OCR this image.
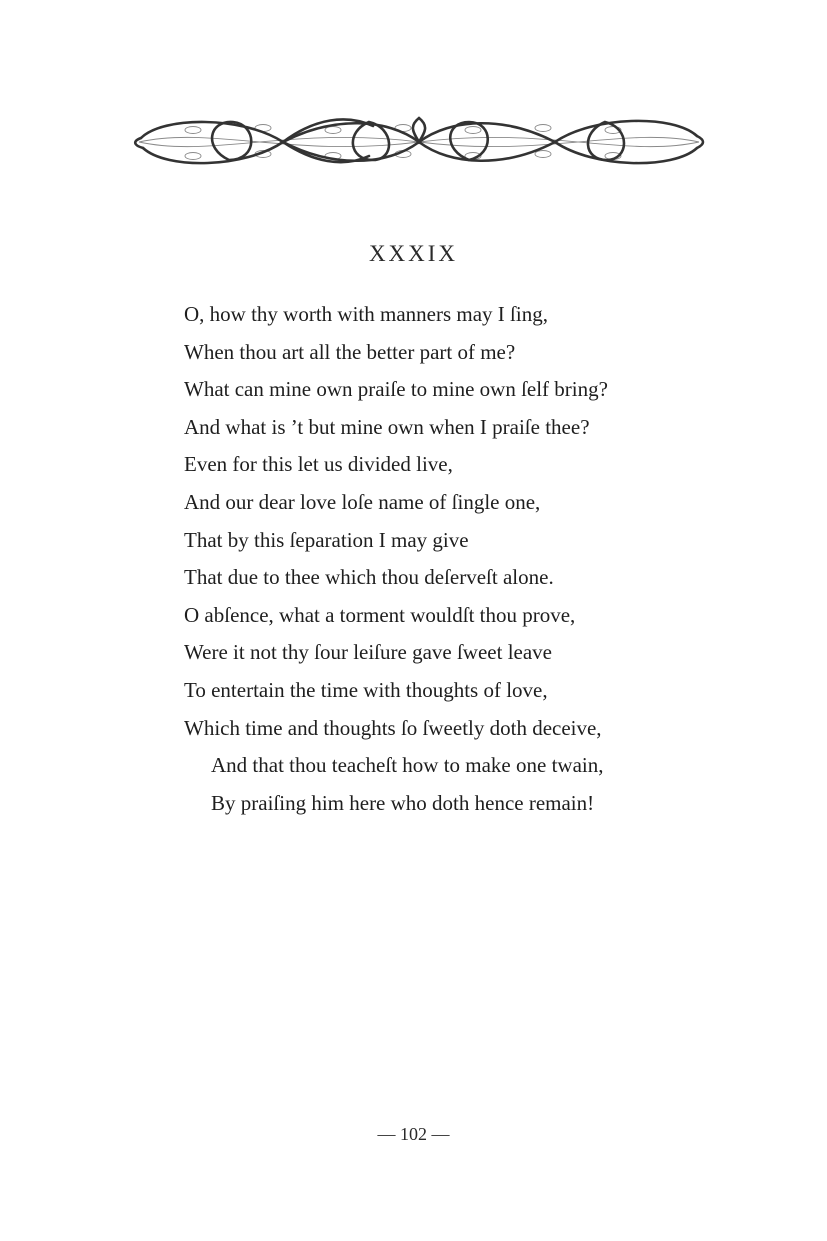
XXXIX
O, how thy worth with manners may I ſing,
When thou art all the better part of me?
What can mine own praiſe to mine own ſelf bring?
And what is ’t but mine own when I praiſe thee?
Even for this let us divided live,
And our dear love loſe name of ſingle one,
That by this ſeparation I may give
That due to thee which thou deſerveſt alone.
O abſence, what a torment wouldſt thou prove,
Were it not thy ſour leiſure gave ſweet leave
To entertain the time with thoughts of love,
Which time and thoughts ſo ſweetly doth deceive,
And that thou teacheſt how to make one twain,
By praiſing him here who doth hence remain!
— 102 —
